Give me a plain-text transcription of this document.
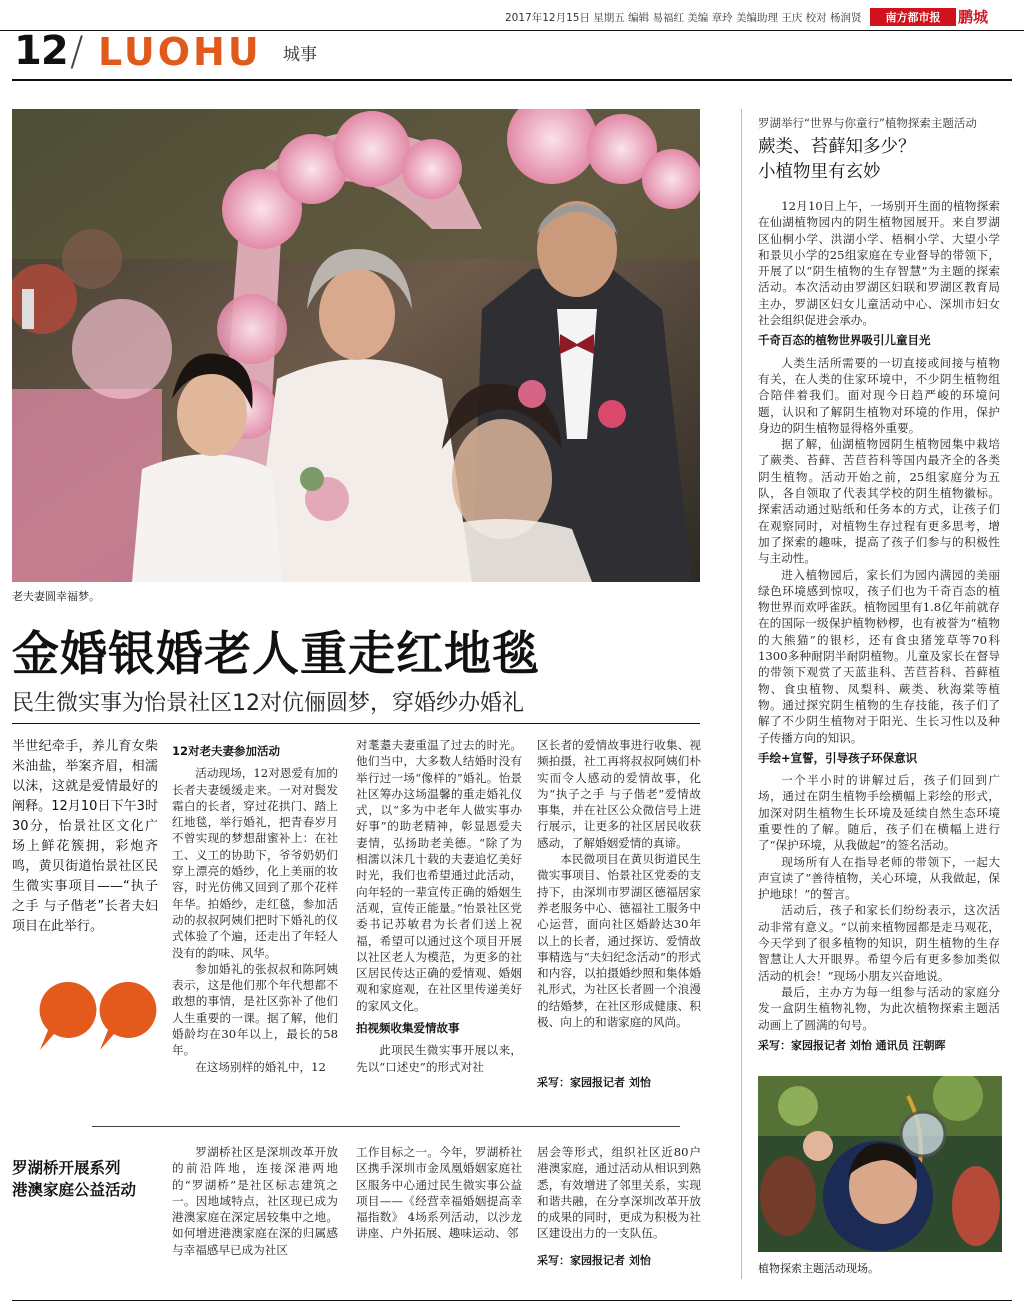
2017年12月15日 星期五 编辑 易福红 美编 章玲 美编助理 王庆 校对 杨润贤	南方都市报	鹏城
12 / LUOHU 城事
老夫妻圆幸福梦。
金婚银婚老人重走红地毯
民生微实事为怡景社区12对伉俪圆梦，穿婚纱办婚礼
半世纪牵手，养儿育女柴米油盐，举案齐眉，相濡以沫，这就是爱情最好的阐释。12月10日下午3时30分，怡景社区文化广场上鲜花簇拥，彩炮齐鸣，黄贝街道怡景社区民生微实事项目——“执子之手 与子偕老”长者夫妇项目在此举行。
12对老夫妻参加活动

活动现场，12对恩爱有加的长者夫妻缓缓走来。一对对鬓发霜白的长者，穿过花拱门、踏上红地毯，举行婚礼，把青春岁月不曾实现的梦想甜蜜补上：在社工、义工的协助下，爷爷奶奶们穿上漂亮的婚纱，化上美丽的妆容，时光仿佛又回到了那个花样年华。拍婚纱，走红毯，参加活动的叔叔阿姨们把时下婚礼的仪式体验了个遍，还走出了年轻人没有的韵味、风华。

参加婚礼的张叔叔和陈阿姨表示，这是他们那个年代想都不敢想的事情，是社区弥补了他们人生重要的一课。据了解，他们婚龄均在30年以上，最长的58年。

在这场别样的婚礼中，12

对耄耋夫妻重温了过去的时光。他们当中，大多数人结婚时没有举行过一场“像样的”婚礼。怡景社区筹办这场温馨的重走婚礼仪式，以“多为中老年人做实事办好事”的助老精神，彰显恩爱夫妻情，弘扬助老美德。“除了为相濡以沫几十载的夫妻追忆美好时光，我们也希望通过此活动，向年轻的一辈宣传正确的婚姻生活观，宣传正能量。”怡景社区党委书记苏敏君为长者们送上祝福，希望可以通过这个项目开展以社区老人为模范，为更多的社区居民传达正确的爱情观、婚姻观和家庭观，在社区里传递美好的家风文化。

拍视频收集爱情故事

此项民生微实事开展以来，先以“口述史”的形式对社

区长者的爱情故事进行收集、视频拍摄，社工再将叔叔阿姨们朴实而令人感动的爱情故事，化为“执子之手 与子偕老”爱情故事集，并在社区公众微信号上进行展示，让更多的社区居民收获感动，了解婚姻爱情的真谛。

本民微项目在黄贝街道民生微实事项目、怡景社区党委的支持下，由深圳市罗湖区德福居家养老服务中心、德福社工服务中心运营，面向社区婚龄达30年以上的长者，通过探访、爱情故事精选与“夫妇纪念活动”的形式和内容，以拍摄婚纱照和集体婚礼形式，为社区长者圆一个浪漫的结婚梦，在社区形成健康、积极、向上的和谐家庭的风尚。

采写：家园报记者 刘怡
罗湖举行“世界与你童行”植物探索主题活动
蕨类、苔藓知多少？
小植物里有玄妙

12月10日上午，一场别开生面的植物探索在仙湖植物园内的阴生植物园展开。来自罗湖区仙桐小学、洪湖小学、梧桐小学、大望小学和景贝小学的25组家庭在专业督导的带领下，开展了以“阴生植物的生存智慧”为主题的探索活动。本次活动由罗湖区妇联和罗湖区教育局主办，罗湖区妇女儿童活动中心、深圳市妇女社会组织促进会承办。

千奇百态的植物世界吸引儿童目光

人类生活所需要的一切直接或间接与植物有关，在人类的住家环境中，不少阴生植物组合陪伴着我们。面对现今日趋严峻的环境问题，认识和了解阴生植物对环境的作用，保护身边的阴生植物显得格外重要。

据了解，仙湖植物园阴生植物园集中栽培了蕨类、苔藓、苦苣苔科等国内最齐全的各类阴生植物。活动开始之前，25组家庭分为五队，各自领取了代表其学校的阴生植物徽标。探索活动通过贴纸和任务本的方式，让孩子们在观察同时，对植物生存过程有更多思考，增加了探索的趣味，提高了孩子们参与的积极性与主动性。

进入植物园后，家长们为园内满园的美丽绿色环境感到惊叹，孩子们也为千奇百态的植物世界而欢呼雀跃。植物园里有1.8亿年前就存在的国际一级保护植物桫椤，也有被誉为“植物的大熊猫”的银杉，还有食虫猪笼草等70科1300多种耐阴半耐阴植物。儿童及家长在督导的带领下观赏了天蓝韭科、苦苣苔科、苔藓植物、食虫植物、凤梨科、蕨类、秋海棠等植物。通过探究阴生植物的生存技能，孩子们了解了不少阴生植物对于阳光、生长习性以及种子传播方向的知识。

手绘+宣誓，引导孩子环保意识

一个半小时的讲解过后，孩子们回到广场，通过在阴生植物手绘横幅上彩绘的形式，加深对阴生植物生长环境及延续自然生态环境重要性的了解。随后，孩子们在横幅上进行了“保护环境，从我做起”的签名活动。

现场所有人在指导老师的带领下，一起大声宣读了“善待植物，关心环境，从我做起，保护地球！”的誓言。

活动后，孩子和家长们纷纷表示，这次活动非常有意义。“以前来植物园都是走马观花，今天学到了很多植物的知识，阴生植物的生存智慧让人大开眼界。希望今后有更多参加类似活动的机会！”现场小朋友兴奋地说。

最后，主办方为每一组参与活动的家庭分发一盒阴生植物礼物，为此次植物探索主题活动画上了圆满的句号。

采写：家园报记者 刘怡 通讯员 汪朝晖
植物探索主题活动现场。
罗湖桥开展系列
港澳家庭公益活动

罗湖桥社区是深圳改革开放的前沿阵地，连接深港两地的“罗湖桥”是社区标志建筑之一。因地域特点，社区现已成为港澳家庭在深定居较集中之地。如何增进港澳家庭在深的归属感与幸福感早已成为社区

工作目标之一。今年，罗湖桥社区携手深圳市金凤凰婚姻家庭社区服务中心通过民生微实事公益项目——《经营幸福婚姻提高幸福指数》 4场系列活动，以沙龙讲座、户外拓展、趣味运动、邻

居会等形式，组织社区近80户港澳家庭，通过活动从相识到熟悉，有效增进了邻里关系，实现和谐共融，在分享深圳改革开放的成果的同时，更成为积极为社区建设出力的一支队伍。

采写：家园报记者 刘怡
